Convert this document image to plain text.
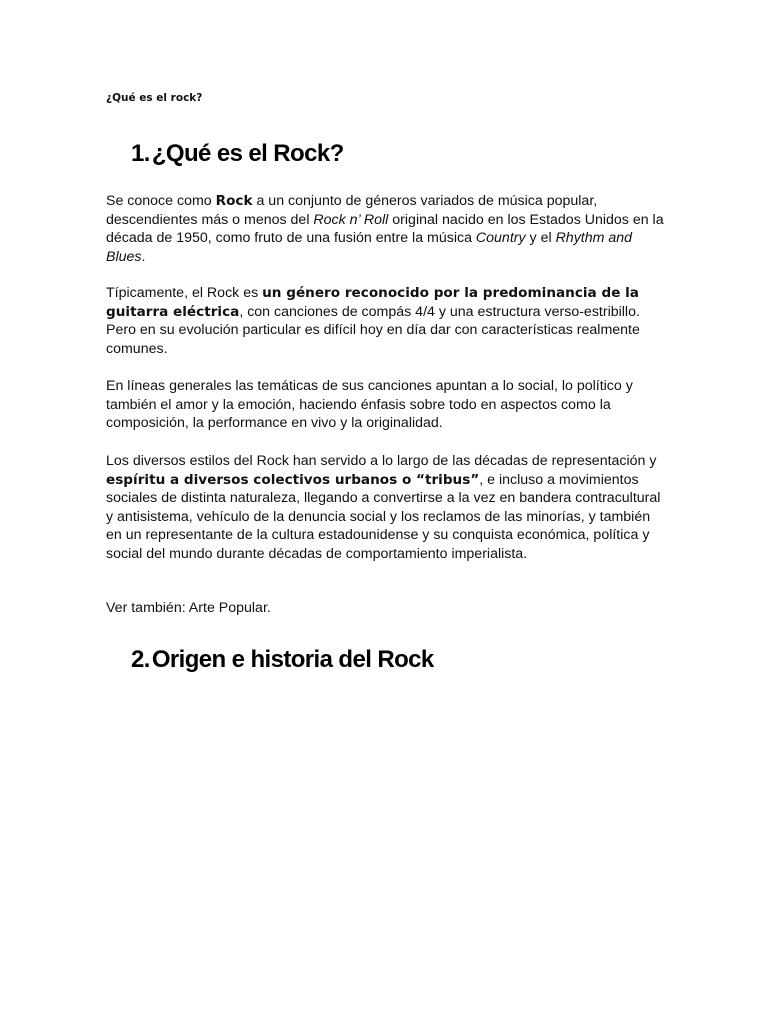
¿Qué es el rock?
1.¿Qué es el Rock?

Se conoce como Rock a un conjunto de géneros variados de música popular, descendientes más o menos del Rock n’ Roll original nacido en los Estados Unidos en la década de 1950, como fruto de una fusión entre la música Country y el Rhythm and Blues.

Típicamente, el Rock es un género reconocido por la predominancia de la guitarra eléctrica, con canciones de compás 4/4 y una estructura verso-estribillo. Pero en su evolución particular es difícil hoy en día dar con características realmente comunes.

En líneas generales las temáticas de sus canciones apuntan a lo social, lo político y también el amor y la emoción, haciendo énfasis sobre todo en aspectos como la composición, la performance en vivo y la originalidad.

Los diversos estilos del Rock han servido a lo largo de las décadas de representación y espíritu a diversos colectivos urbanos o “tribus”, e incluso a movimientos sociales de distinta naturaleza, llegando a convertirse a la vez en bandera contracultural y antisistema, vehículo de la denuncia social y los reclamos de las minorías, y también en un representante de la cultura estadounidense y su conquista económica, política y social del mundo durante décadas de comportamiento imperialista.

Ver también: Arte Popular.

2.Origen e historia del Rock
